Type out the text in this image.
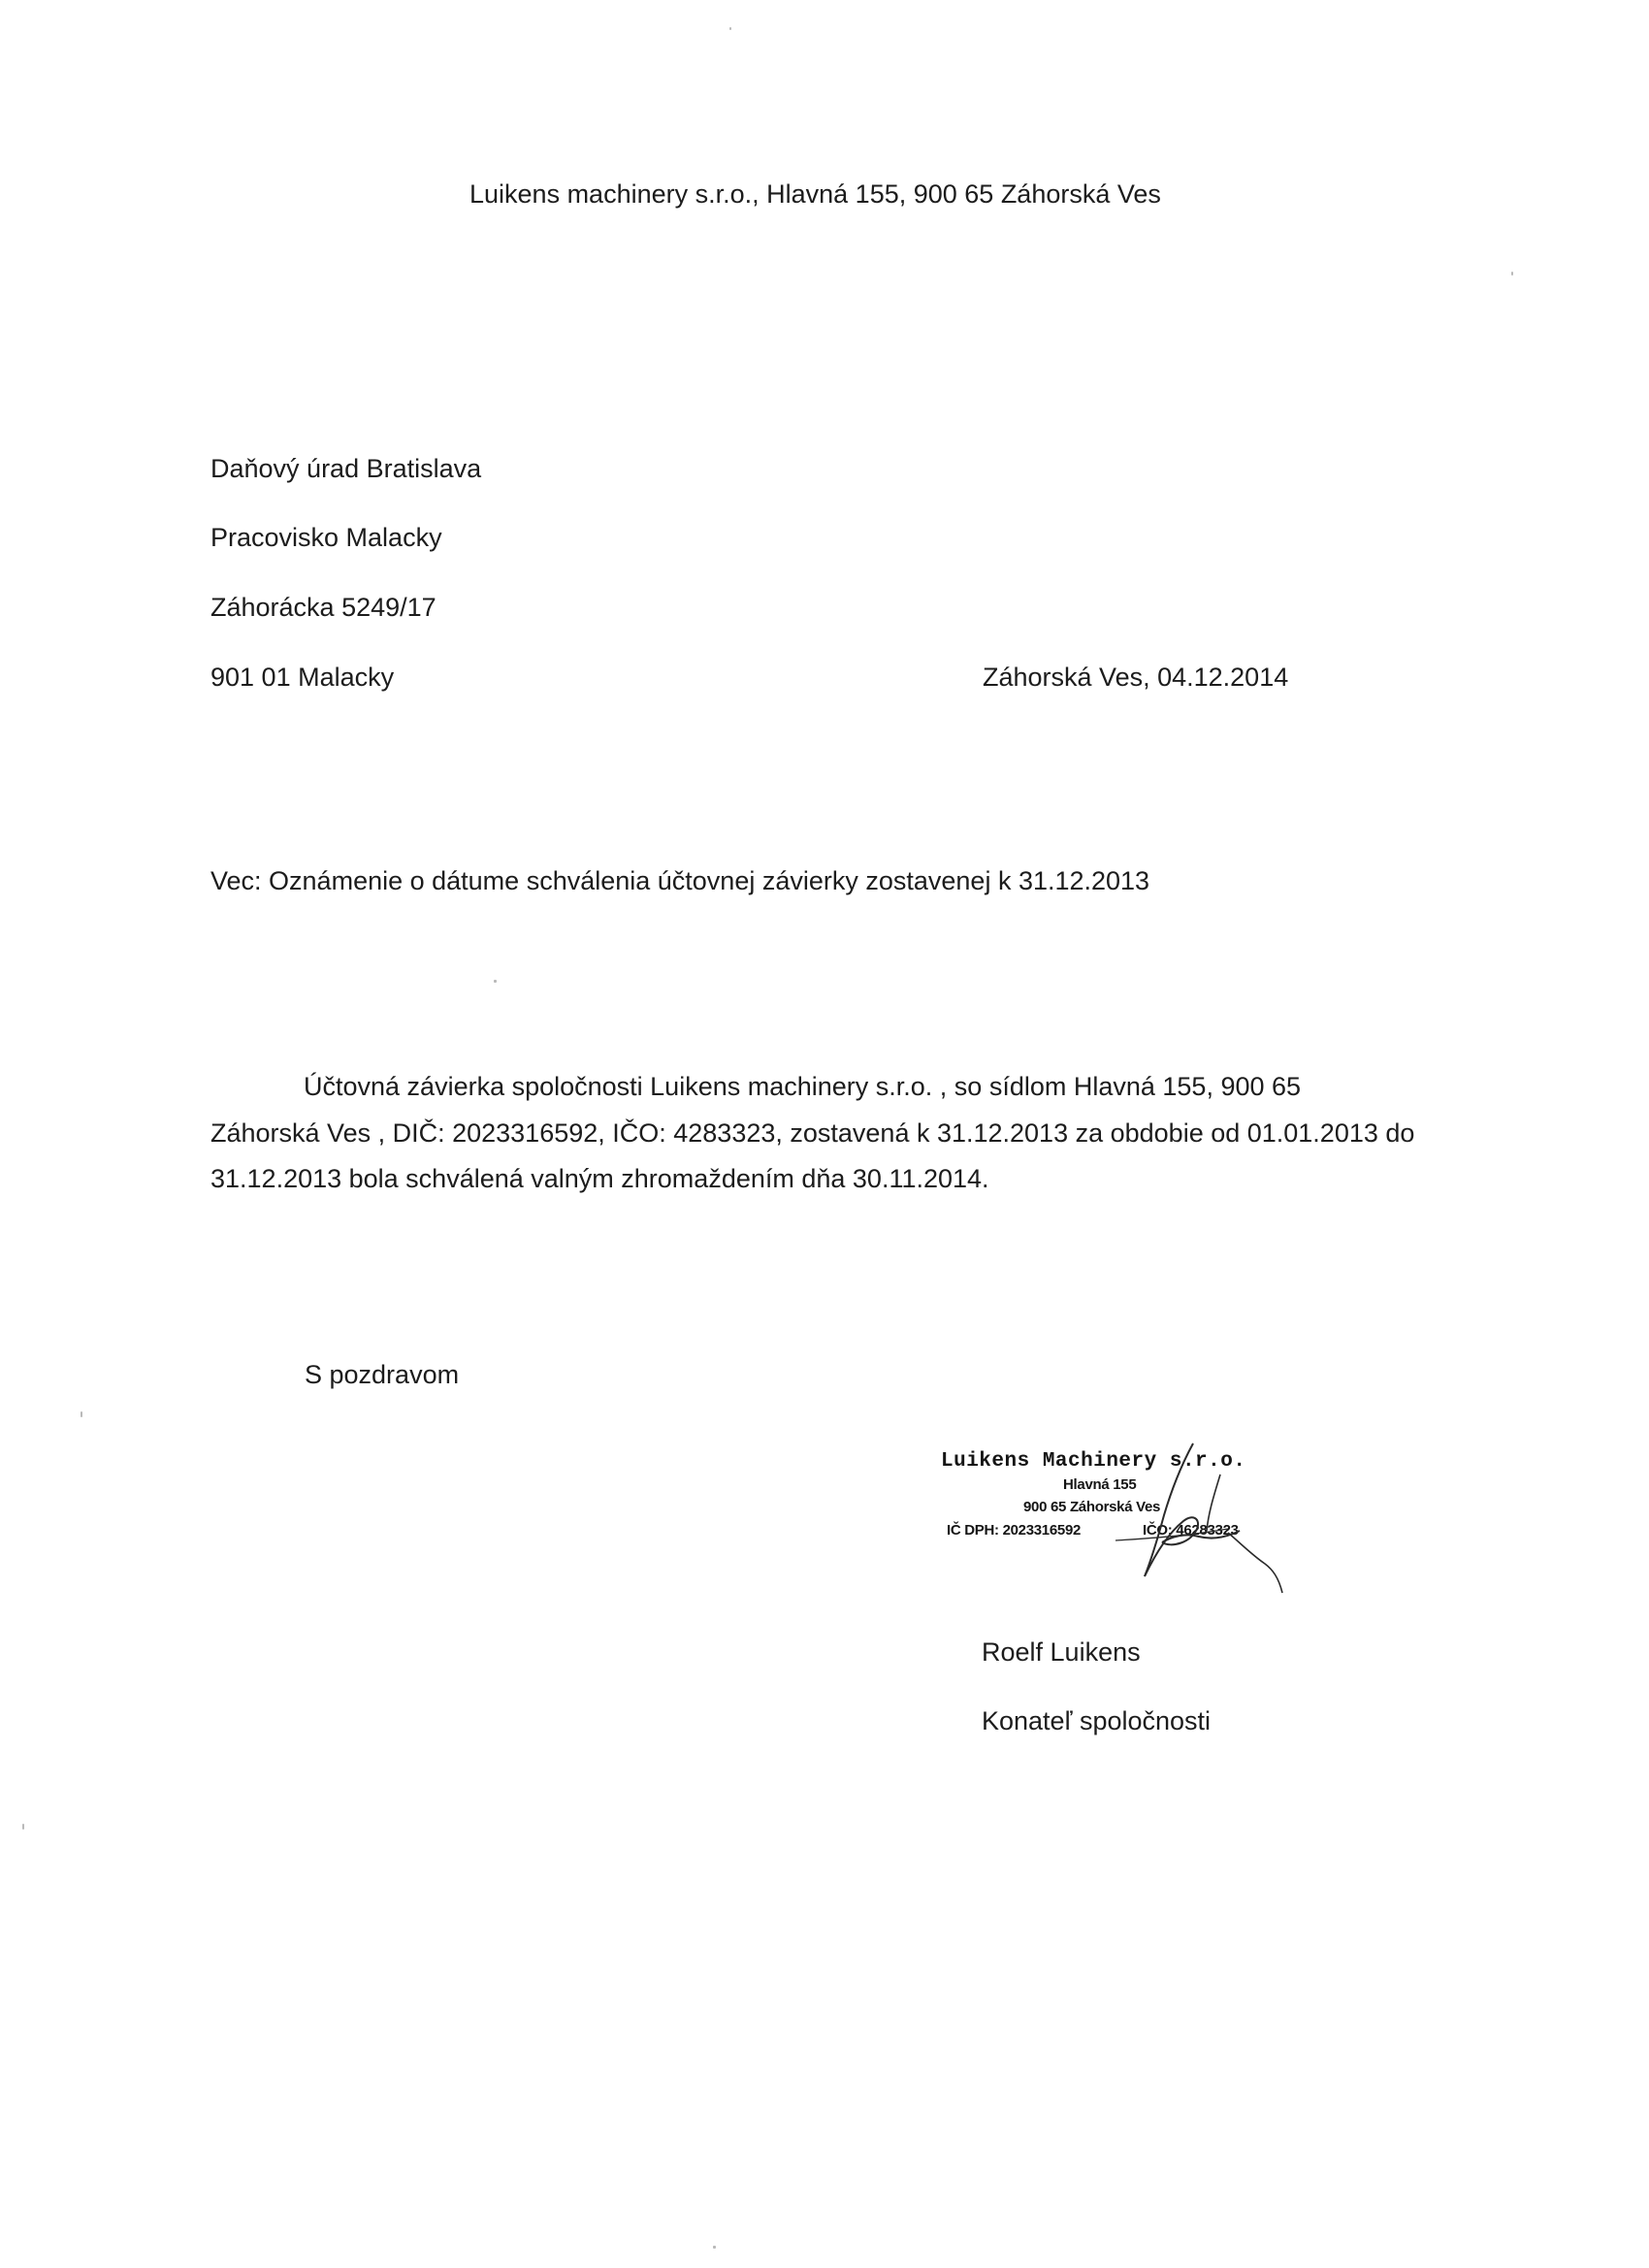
Luikens machinery s.r.o., Hlavná 155, 900 65 Záhorská Ves
Daňový úrad Bratislava
Pracovisko Malacky
Záhorácka 5249/17
901 01 Malacky	Záhorská Ves, 04.12.2014
Vec: Oznámenie o dátume schválenia účtovnej závierky zostavenej k 31.12.2013
Účtovná závierka spoločnosti Luikens machinery s.r.o. , so sídlom Hlavná 155, 900 65
Záhorská Ves , DIČ: 2023316592, IČO: 4283323, zostavená k 31.12.2013 za obdobie od 01.01.2013 do
31.12.2013 bola schválená valným zhromaždením dňa 30.11.2014.
S pozdravom
Luikens Machinery s.r.o.
Hlavná 155
900 65 Záhorská Ves
IČ DPH: 2023316592	IČO: 46283323
Roelf Luikens
Konateľ spoločnosti
